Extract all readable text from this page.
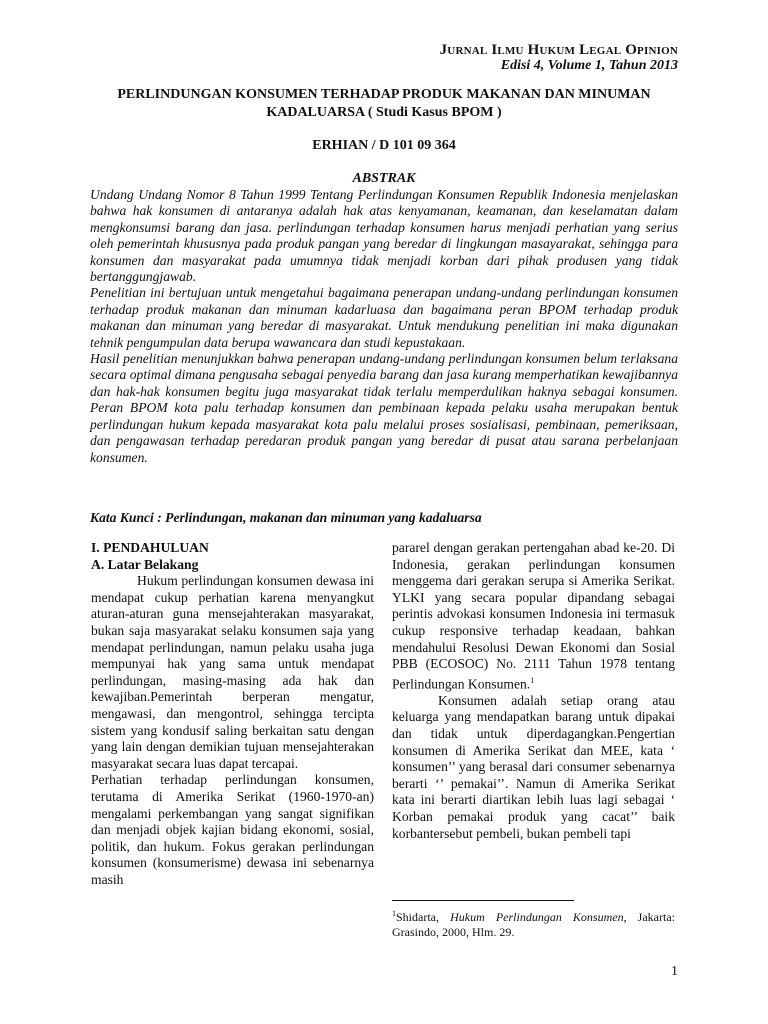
Jurnal Ilmu Hukum Legal Opinion
Edisi 4, Volume 1, Tahun 2013
PERLINDUNGAN KONSUMEN TERHADAP PRODUK MAKANAN DAN MINUMAN KADALUARSA ( Studi Kasus BPOM )
ERHIAN / D 101 09 364
ABSTRAK

Undang Undang Nomor 8 Tahun 1999 Tentang Perlindungan Konsumen Republik Indonesia menjelaskan bahwa hak konsumen di antaranya adalah hak atas kenyamanan, keamanan, dan keselamatan dalam mengkonsumsi barang dan jasa. perlindungan terhadap konsumen harus menjadi perhatian yang serius oleh pemerintah khususnya pada produk pangan yang beredar di lingkungan masayarakat, sehingga para konsumen dan masyarakat pada umumnya tidak menjadi korban dari pihak produsen yang tidak bertanggungjawab.

Penelitian ini bertujuan untuk mengetahui bagaimana penerapan undang-undang perlindungan konsumen terhadap produk makanan dan minuman kadarluasa dan bagaimana peran BPOM terhadap produk makanan dan minuman yang beredar di masyarakat. Untuk mendukung penelitian ini maka digunakan tehnik pengumpulan data berupa wawancara dan studi kepustakaan.

Hasil penelitian menunjukkan bahwa penerapan undang-undang perlindungan konsumen belum terlaksana secara optimal dimana pengusaha sebagai penyedia barang dan jasa kurang memperhatikan kewajibannya dan hak-hak konsumen begitu juga masyarakat tidak terlalu memperdulikan haknya sebagai konsumen. Peran BPOM kota palu terhadap konsumen dan pembinaan kepada pelaku usaha merupakan bentuk perlindungan hukum kepada masyarakat kota palu melalui proses sosialisasi, pembinaan, pemeriksaan, dan pengawasan terhadap peredaran produk pangan yang beredar di pusat atau sarana perbelanjaan konsumen.

Kata Kunci : Perlindungan, makanan dan minuman yang kadaluarsa

I. PENDAHULUAN

A. Latar Belakang

Hukum perlindungan konsumen dewasa ini mendapat cukup perhatian karena menyangkut aturan-aturan guna mensejahterakan masyarakat, bukan saja masyarakat selaku konsumen saja yang mendapat perlindungan, namun pelaku usaha juga mempunyai hak yang sama untuk mendapat perlindungan, masing-masing ada hak dan kewajiban.Pemerintah berperan mengatur, mengawasi, dan mengontrol, sehingga tercipta sistem yang kondusif saling berkaitan satu dengan yang lain dengan demikian tujuan mensejahterakan masyarakat secara luas dapat tercapai.

Perhatian terhadap perlindungan konsumen, terutama di Amerika Serikat (1960-1970-an) mengalami perkembangan yang sangat signifikan dan menjadi objek kajian bidang ekonomi, sosial, politik, dan hukum. Fokus gerakan perlindungan konsumen (konsumerisme) dewasa ini sebenarnya masih

pararel dengan gerakan pertengahan abad ke-20. Di Indonesia, gerakan perlindungan konsumen menggema dari gerakan serupa si Amerika Serikat. YLKI yang secara popular dipandang sebagai perintis advokasi konsumen Indonesia ini termasuk cukup responsive terhadap keadaan, bahkan mendahului Resolusi Dewan Ekonomi dan Sosial PBB (ECOSOC) No. 2111 Tahun 1978 tentang Perlindungan Konsumen.$^1$

Konsumen adalah setiap orang atau keluarga yang mendapatkan barang untuk dipakai dan tidak untuk diperdagangkan.Pengertian konsumen di Amerika Serikat dan MEE, kata ‘ konsumen’’ yang berasal dari consumer sebenarnya berarti ‘’ pemakai’’. Namun di Amerika Serikat kata ini berarti diartikan lebih luas lagi sebagai ‘ Korban pemakai produk yang cacat’’ baik korbantersebut pembeli, bukan pembeli tapi

$^1$Shidarta, Hukum Perlindungan Konsumen, Jakarta: Grasindo, 2000, Hlm. 29.
1
